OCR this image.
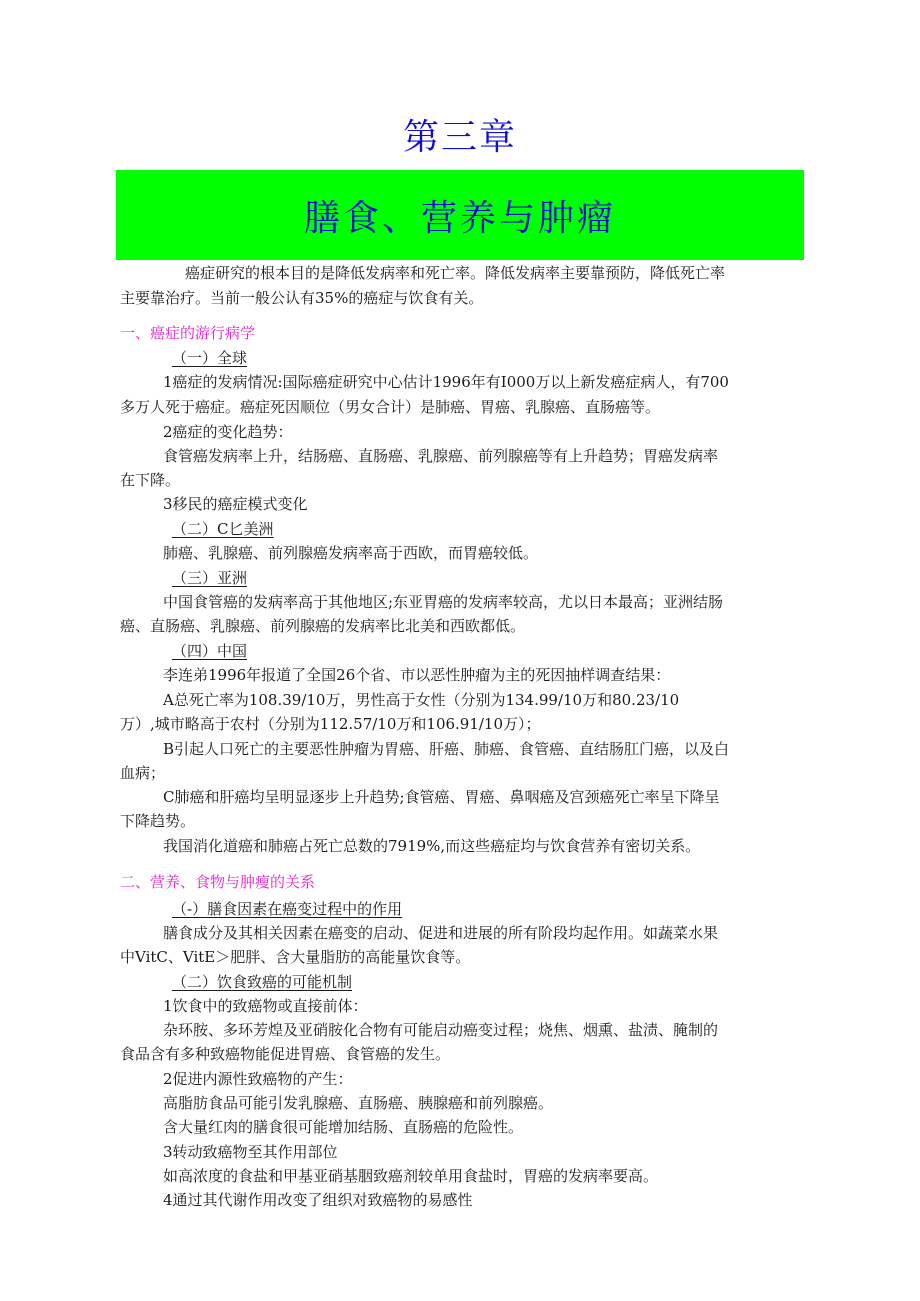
第三章
膳食、营养与肿瘤
癌症研究的根本目的是降低发病率和死亡率。降低发病率主要靠预防，降低死亡率
主要靠治疗。当前一般公认有35%的癌症与饮食有关。
一、癌症的游行病学
（一）全球
1癌症的发病情况:国际癌症研究中心估计1996年有I000万以上新发癌症病人，有700
多万人死于癌症。癌症死因顺位（男女合计）是肺癌、胃癌、乳腺癌、直肠癌等。
2癌症的变化趋势：
食管癌发病率上升，结肠癌、直肠癌、乳腺癌、前列腺癌等有上升趋势；胃癌发病率
在下降。
3移民的癌症模式变化
（二）C匕美洲
肺癌、乳腺癌、前列腺癌发病率高于西欧，而胃癌较低。
（三）亚洲
中国食管癌的发病率高于其他地区;东亚胃癌的发病率较高，尤以日本最高；亚洲结肠
癌、直肠癌、乳腺癌、前列腺癌的发病率比北美和西欧都低。
（四）中国
李连弟1996年报道了全国26个省、市以恶性肿瘤为主的死因抽样调查结果：
A总死亡率为108.39/10万，男性高于女性（分别为134.99/10万和80.23/10
万）,城市略高于农村（分别为112.57/10万和106.91/10万）；
B引起人口死亡的主要恶性肿瘤为胃癌、肝癌、肺癌、食管癌、直结肠肛门癌，以及白
血病；
C肺癌和肝癌均呈明显逐步上升趋势;食管癌、胃癌、鼻咽癌及宫颈癌死亡率呈下降呈
下降趋势。
我国消化道癌和肺癌占死亡总数的7919%,而这些癌症均与饮食营养有密切关系。
二、营养、食物与肿瘦的关系
（-）膳食因素在癌变过程中的作用
膳食成分及其相关因素在癌变的启动、促进和进展的所有阶段均起作用。如蔬菜水果
中VitC、VitE＞肥胖、含大量脂肪的高能量饮食等。
（二）饮食致癌的可能机制
1饮食中的致癌物或直接前体：
杂环胺、多环芳煌及亚硝胺化合物有可能启动癌变过程；烧焦、烟熏、盐渍、腌制的
食品含有多种致癌物能促进胃癌、食管癌的发生。
2促进内源性致癌物的产生：
高脂肪食品可能引发乳腺癌、直肠癌、胰腺癌和前列腺癌。
含大量红肉的膳食很可能增加结肠、直肠癌的危险性。
3转动致癌物至其作用部位
如高浓度的食盐和甲基亚硝基胭致癌剂较单用食盐时，胃癌的发病率要高。
4通过其代谢作用改变了组织对致癌物的易感性
